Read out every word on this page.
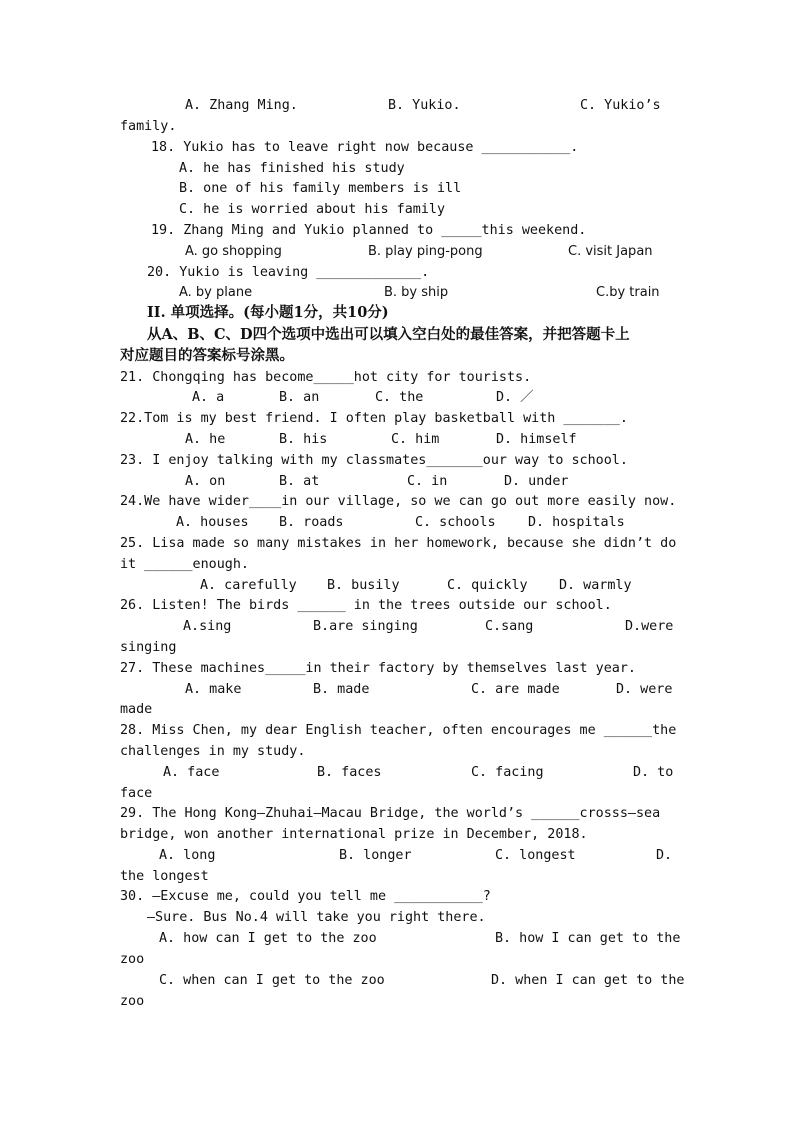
A. Zhang Ming.	B. Yukio.	C. Yukio’s
family.
18. Yukio has to leave right now because ___________.
A. he has finished his study
B. one of his family members is ill
C. he is worried about his family
19. Zhang Ming and Yukio planned to _____this weekend.
A. go shopping	B. play ping-pong	C. visit Japan
20. Yukio is leaving _____________.
A. by plane	B. by ship	C.by train
II. 单项选择。(每小题1分，共10分)
从A、B、C、D四个选项中选出可以填入空白处的最佳答案，并把答题卡上
对应题目的答案标号涂黑。
21. Chongqing has become_____hot city for tourists.
A. a	B. an	C. the	D. ／
22.Tom is my best friend. I often play basketball with _______.
A. he	B. his	C. him	D. himself
23. I enjoy talking with my classmates_______our way to school.
A. on	B. at	C. in	D. under
24.We have wider____in our village, so we can go out more easily now.
A. houses B. roads	C. schools D. hospitals
25. Lisa made so many mistakes in her homework, because she didn’t do
it ______enough.
A. carefully B. busily	C. quickly D. warmly
26. Listen! The birds ______ in the trees outside our school.
A.sing	B.are singing	C.sang	D.were
singing
27. These machines_____in their factory by themselves last year.
A. make	B. made	C. are made	D. were
made
28. Miss Chen, my dear English teacher, often encourages me ______the
challenges in my study.
A. face	B. faces	C. facing	D. to
face
29. The Hong Kong—Zhuhai—Macau Bridge, the world’s ______crosss—sea
bridge, won another international prize in December, 2018.
A. long	B. longer	C. longest	D.
the longest
30. —Excuse me, could you tell me ___________?
—Sure. Bus No.4 will take you right there.
A. how can I get to the zoo	B. how I can get to the
zoo
C. when can I get to the zoo	D. when I can get to the
zoo
